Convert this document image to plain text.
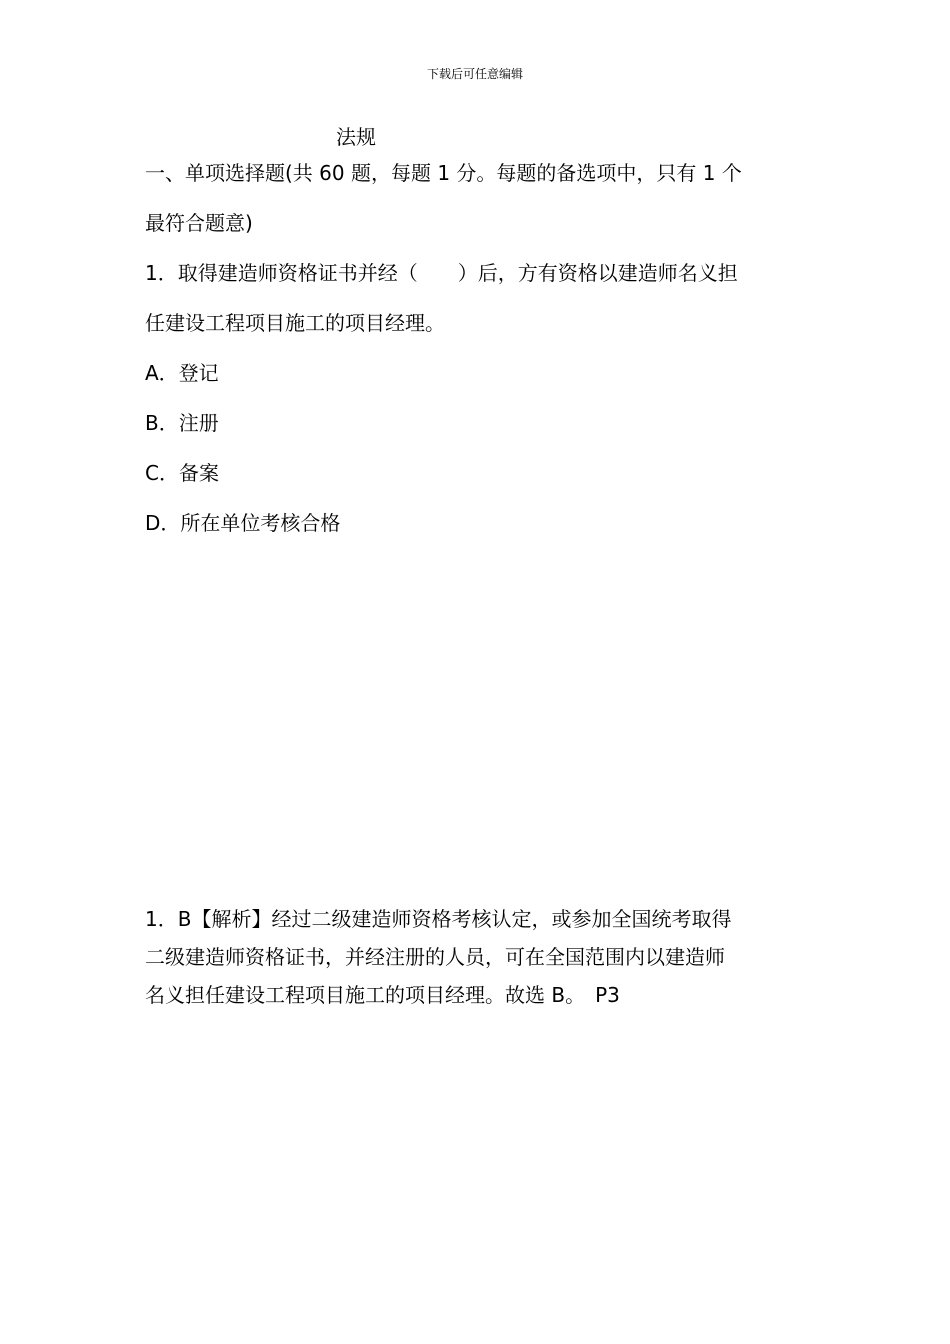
下载后可任意编辑
法规
一、单项选择题(共 60 题，每题 1 分。每题的备选项中，只有 1 个
最符合题意)
1．取得建造师资格证书并经（　　）后，方有资格以建造师名义担
任建设工程项目施工的项目经理。
A．登记
B．注册
C．备案
D．所在单位考核合格
1．B【解析】经过二级建造师资格考核认定，或参加全国统考取得
二级建造师资格证书，并经注册的人员，可在全国范围内以建造师
名义担任建设工程项目施工的项目经理。故选 B。　P3
